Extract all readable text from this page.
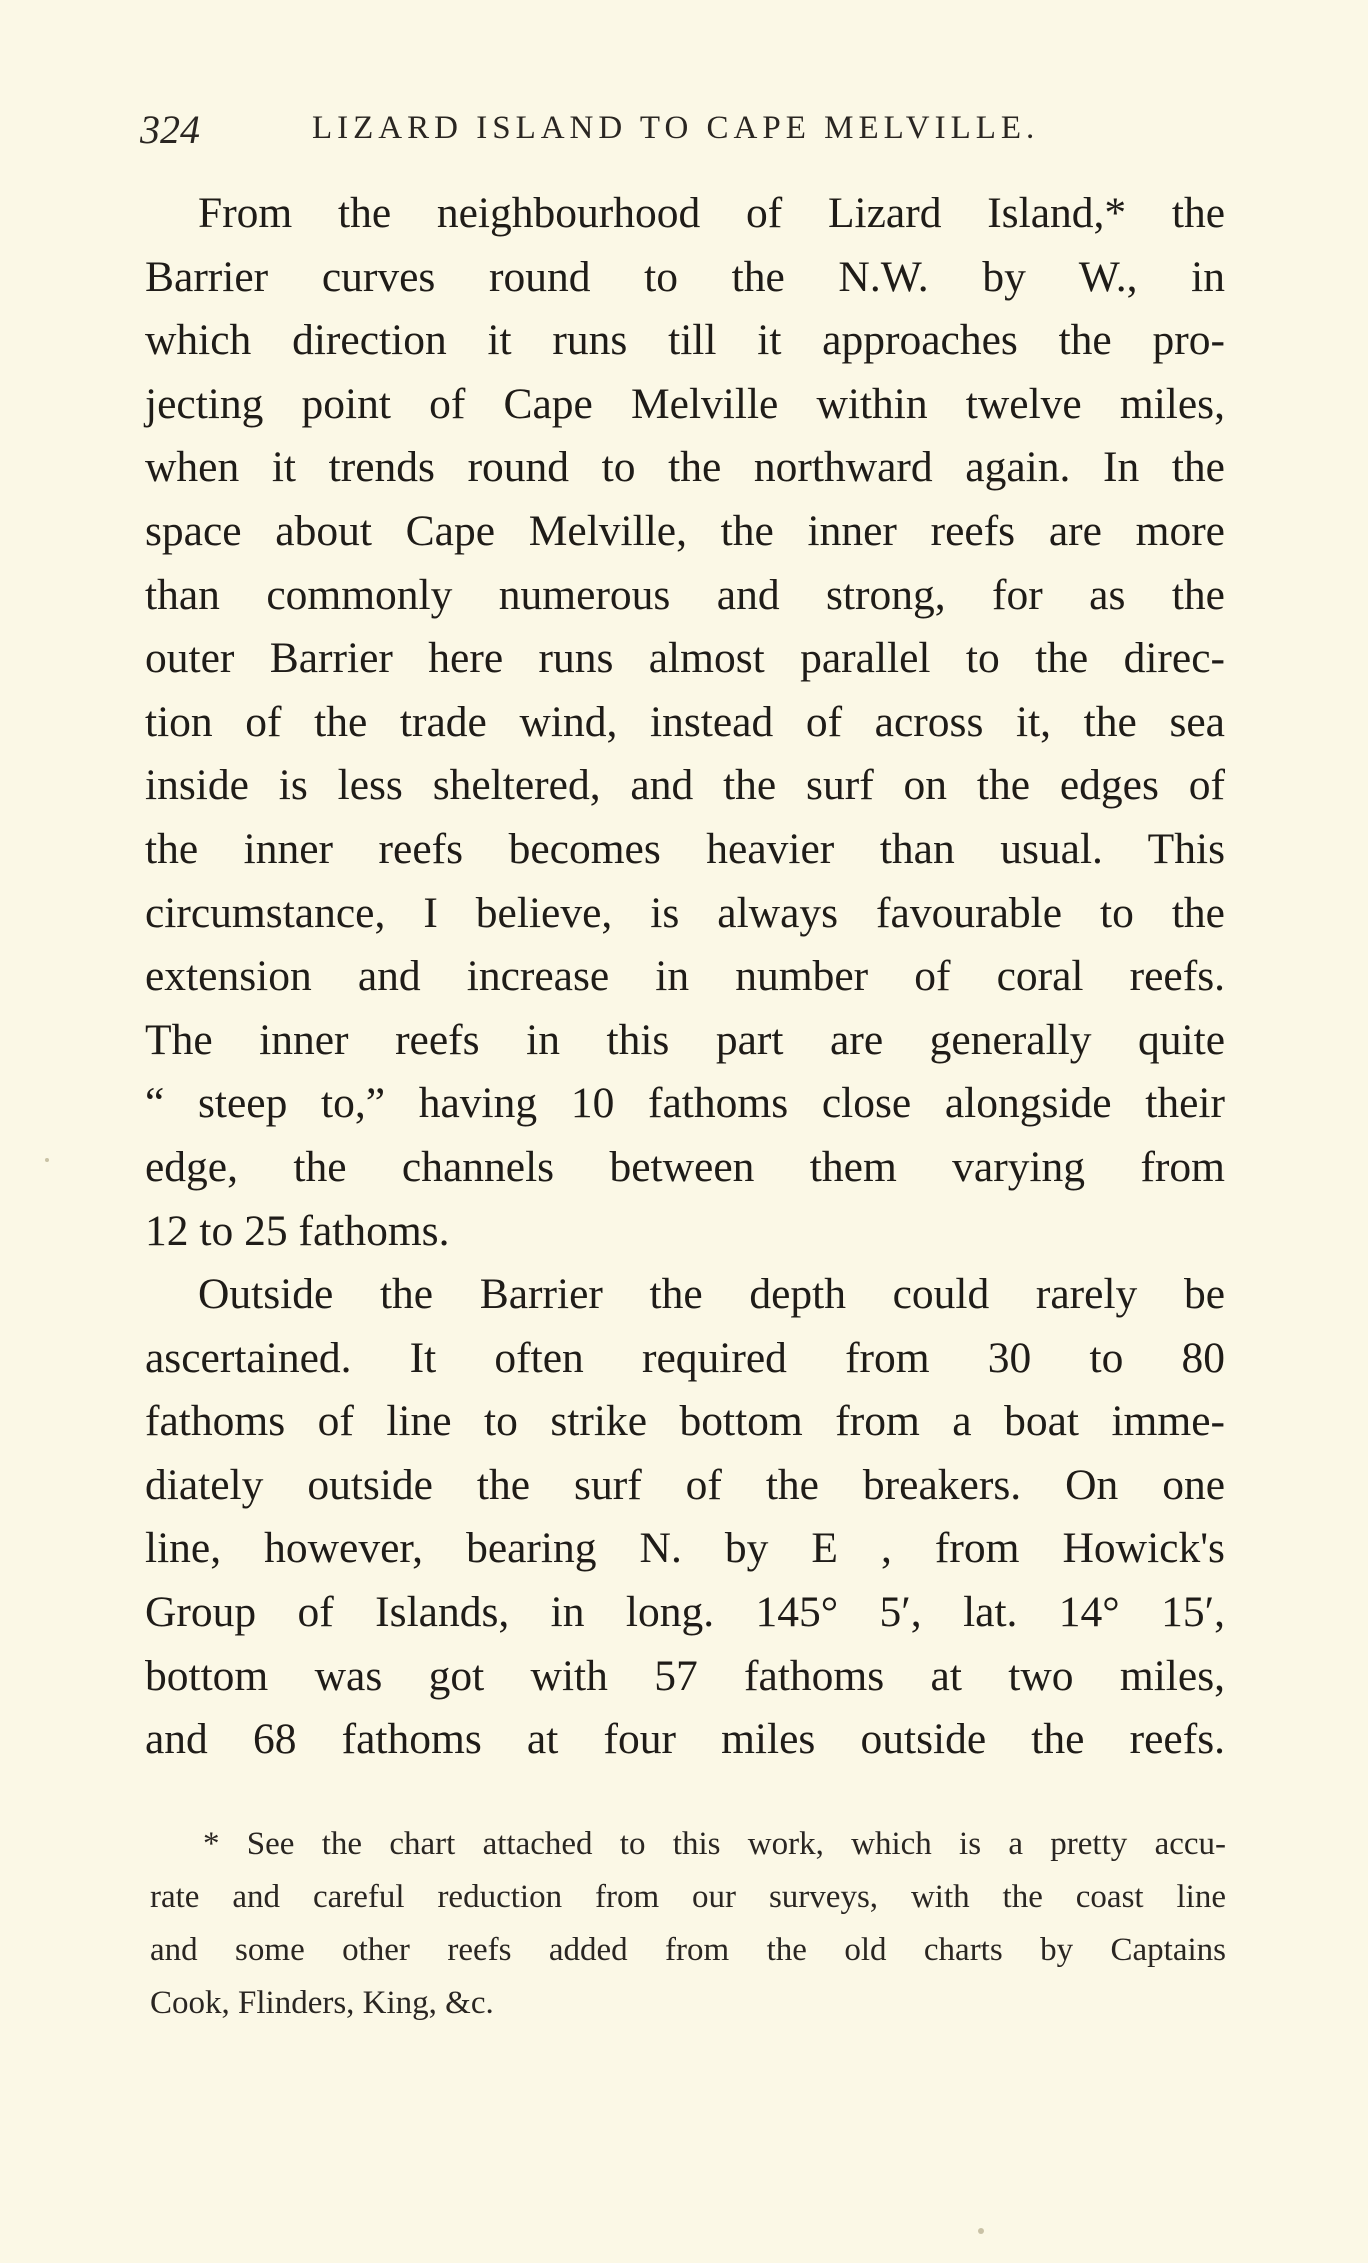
324	LIZARD ISLAND TO CAPE MELVILLE.
From the neighbourhood of Lizard Island,* the
Barrier curves round to the N.W. by W., in
which direction it runs till it approaches the pro-
jecting point of Cape Melville within twelve miles,
when it trends round to the northward again. In the
space about Cape Melville, the inner reefs are more
than commonly numerous and strong, for as the
outer Barrier here runs almost parallel to the direc-
tion of the trade wind, instead of across it, the sea
inside is less sheltered, and the surf on the edges of
the inner reefs becomes heavier than usual. This
circumstance, I believe, is always favourable to the
extension and increase in number of coral reefs.
The inner reefs in this part are generally quite
“ steep to,” having 10 fathoms close alongside their
edge, the channels between them varying from
12 to 25 fathoms.
Outside the Barrier the depth could rarely be
ascertained. It often required from 30 to 80
fathoms of line to strike bottom from a boat imme-
diately outside the surf of the breakers. On one
line, however, bearing N. by E , from Howick's
Group of Islands, in long. 145° 5′, lat. 14° 15′,
bottom was got with 57 fathoms at two miles,
and 68 fathoms at four miles outside the reefs.
* See the chart attached to this work, which is a pretty accu-
rate and careful reduction from our surveys, with the coast line
and some other reefs added from the old charts by Captains
Cook, Flinders, King, &c.
